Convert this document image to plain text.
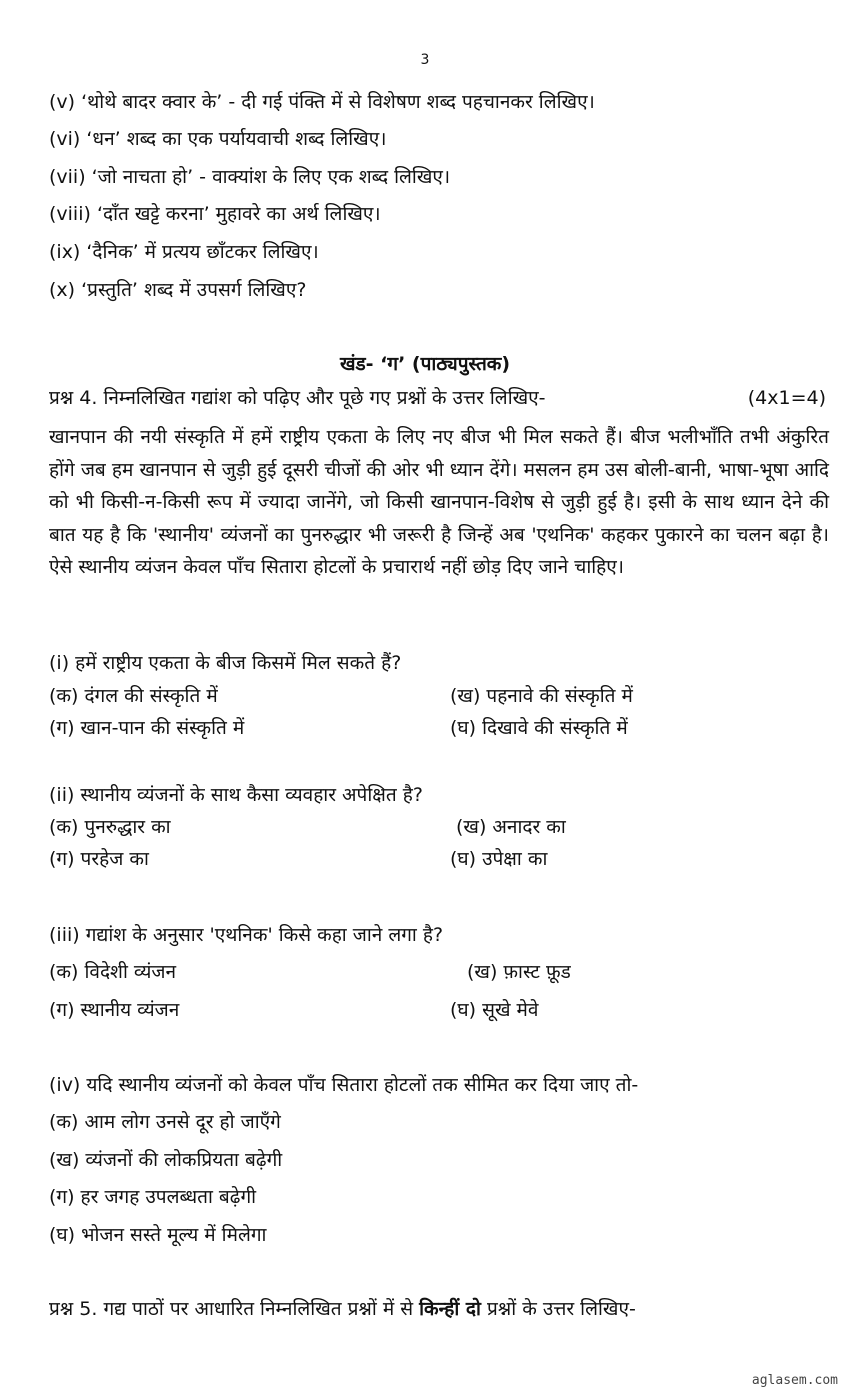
3
(v) ‘थोथे बादर क्वार के’ - दी गई पंक्ति में से विशेषण शब्द पहचानकर लिखिए।
(vi) ‘धन’ शब्द का एक पर्यायवाची शब्द लिखिए।
(vii) ‘जो नाचता हो’ - वाक्यांश के लिए एक शब्द लिखिए।
(viii) ‘दाँत खट्टे करना’ मुहावरे का अर्थ लिखिए।
(ix) ‘दैनिक’ में प्रत्यय छाँटकर लिखिए।
(x) ‘प्रस्तुति’ शब्द में उपसर्ग लिखिए?
खंड- ‘ग’ (पाठ्यपुस्तक)
प्रश्न 4. निम्नलिखित गद्यांश को पढ़िए और पूछे गए प्रश्नों के उत्तर लिखिए-	(4x1=4)
खानपान की नयी संस्कृति में हमें राष्ट्रीय एकता के लिए नए बीज भी मिल सकते हैं। बीज भलीभाँति तभी अंकुरित होंगे जब हम खानपान से जुड़ी हुई दूसरी चीजों की ओर भी ध्यान देंगे। मसलन हम उस बोली-बानी, भाषा-भूषा आदि को भी किसी-न-किसी रूप में ज्यादा जानेंगे, जो किसी खानपान-विशेष से जुड़ी हुई है। इसी के साथ ध्यान देने की बात यह है कि 'स्थानीय' व्यंजनों का पुनरुद्धार भी जरूरी है जिन्हें अब 'एथनिक' कहकर पुकारने का चलन बढ़ा है। ऐसे स्थानीय व्यंजन केवल पाँच सितारा होटलों के प्रचारार्थ नहीं छोड़ दिए जाने चाहिए।
(i) हमें राष्ट्रीय एकता के बीज किसमें मिल सकते हैं?
(क) दंगल की संस्कृति में	(ख) पहनावे की संस्कृति में
(ग) खान-पान की संस्कृति में	(घ) दिखावे की संस्कृति में
(ii) स्थानीय व्यंजनों के साथ कैसा व्यवहार अपेक्षित है?
(क) पुनरुद्धार का	(ख) अनादर का
(ग) परहेज का	(घ) उपेक्षा का
(iii) गद्यांश के अनुसार 'एथनिक' किसे कहा जाने लगा है?
(क) विदेशी व्यंजन	(ख) फ़ास्ट फ़ूड
(ग) स्थानीय व्यंजन	(घ) सूखे मेवे
(iv) यदि स्थानीय व्यंजनों को केवल पाँच सितारा होटलों तक सीमित कर दिया जाए तो-
(क) आम लोग उनसे दूर हो जाएँगे
(ख) व्यंजनों की लोकप्रियता बढ़ेगी
(ग) हर जगह उपलब्धता बढ़ेगी
(घ) भोजन सस्ते मूल्य में मिलेगा
प्रश्न 5. गद्य पाठों पर आधारित निम्नलिखित प्रश्नों में से किन्हीं दो प्रश्नों के उत्तर लिखिए-
aglasem.com
